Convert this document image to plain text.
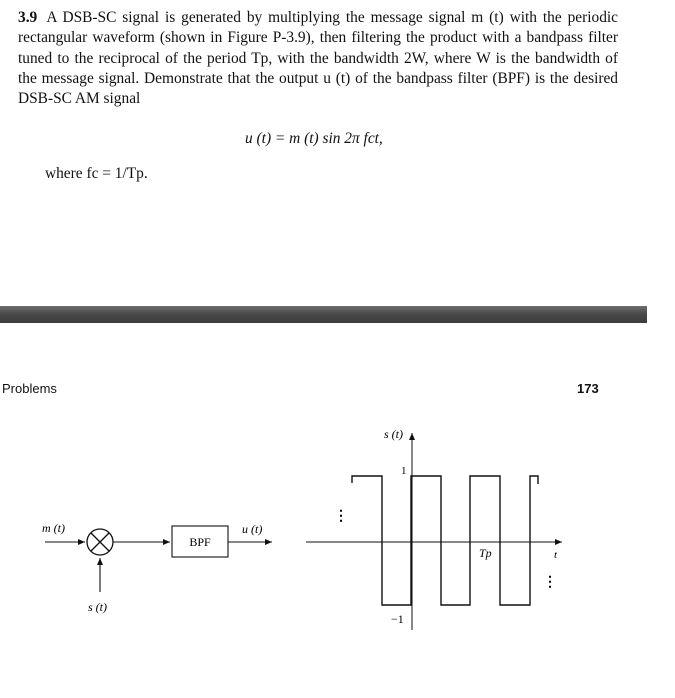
3.9 A DSB-SC signal is generated by multiplying the message signal m (t) with the periodic rectangular waveform (shown in Figure P-3.9), then filtering the product with a bandpass filter tuned to the reciprocal of the period Tp, with the bandwidth 2W, where W is the bandwidth of the message signal. Demonstrate that the output u (t) of the bandpass filter (BPF) is the desired DSB-SC AM signal
u (t) = m (t) sin 2π fct,
where fc = 1/Tp.
Problems	173
m (t)
s (t)
BPF
u (t)
s (t)
1
−1
Tp	t
⋮
⋮
